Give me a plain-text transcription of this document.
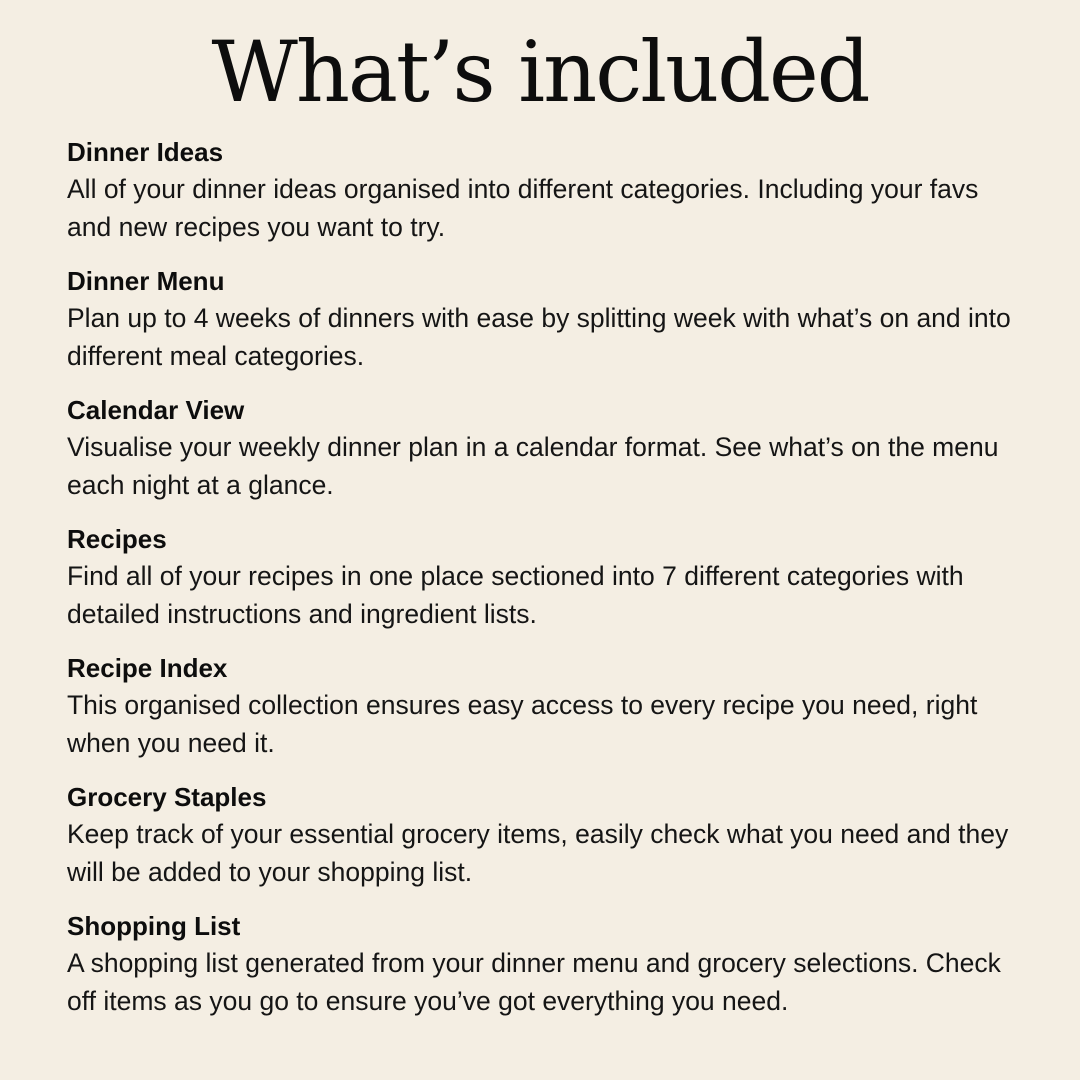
What’s included

Dinner Ideas

All of your dinner ideas organised into different categories. Including your favs and new recipes you want to try.

Dinner Menu

Plan up to 4 weeks of dinners with ease by splitting week with what’s on and into different meal categories.

Calendar View

Visualise your weekly dinner plan in a calendar format. See what’s on the menu each night at a glance.

Recipes

Find all of your recipes in one place sectioned into 7 different categories with detailed instructions and ingredient lists.

Recipe Index

This organised collection ensures easy access to every recipe you need, right when you need it.

Grocery Staples

Keep track of your essential grocery items, easily check what you need and they will be added to your shopping list.

Shopping List

A shopping list generated from your dinner menu and grocery selections. Check off items as you go to ensure you’ve got everything you need.
